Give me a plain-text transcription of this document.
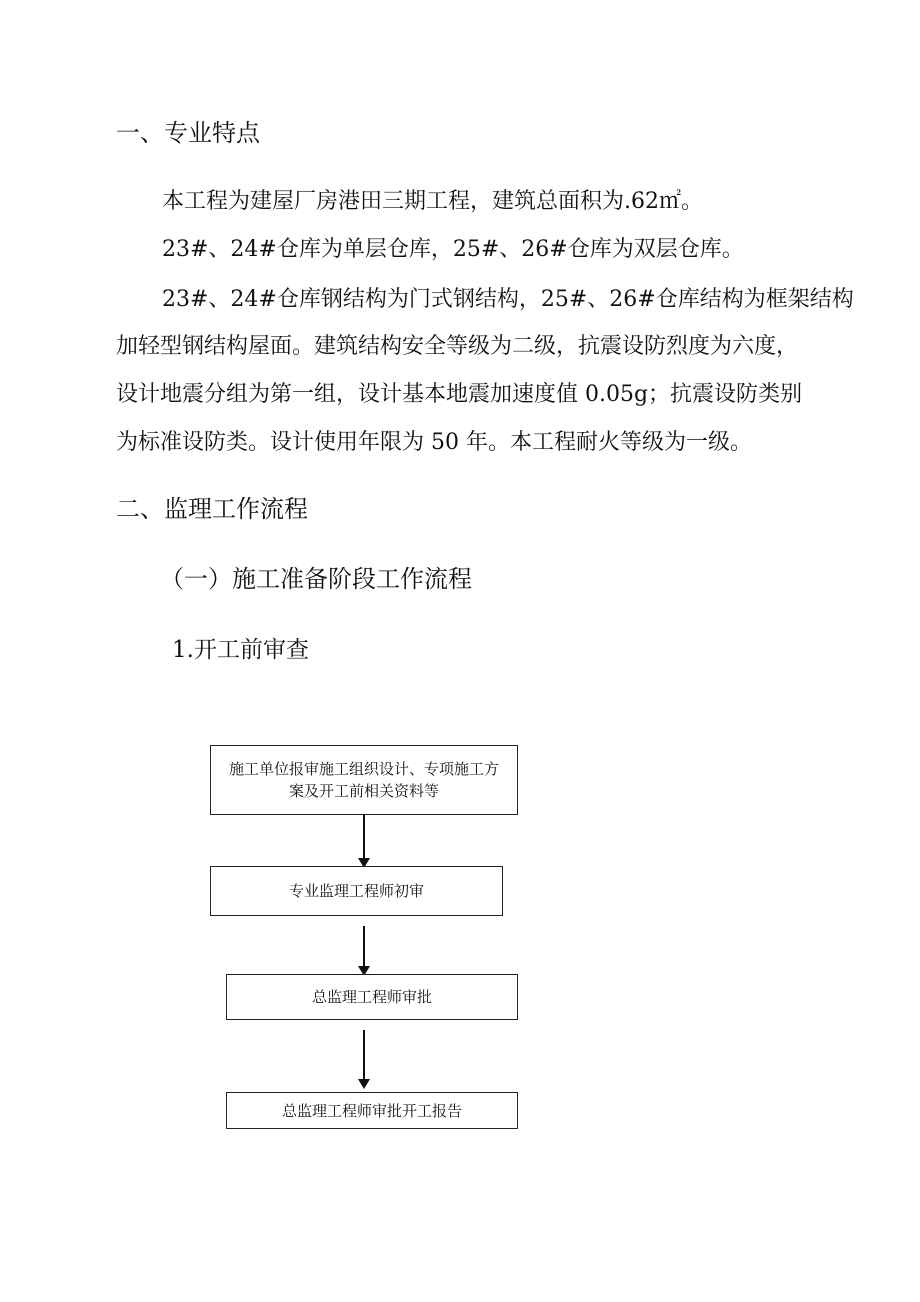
一、专业特点
本工程为建屋厂房港田三期工程，建筑总面积为.62㎡。
23#、24#仓库为单层仓库，25#、26#仓库为双层仓库。
23#、24#仓库钢结构为门式钢结构，25#、26#仓库结构为框架结构
加轻型钢结构屋面。建筑结构安全等级为二级，抗震设防烈度为六度，
设计地震分组为第一组，设计基本地震加速度值 0.05g；抗震设防类别
为标准设防类。设计使用年限为 50 年。本工程耐火等级为一级。
二、监理工作流程
（一）施工准备阶段工作流程
1.开工前审查
施工单位报审施工组织设计、专项施工方
案及开工前相关资料等
专业监理工程师初审
总监理工程师审批
总监理工程师审批开工报告
